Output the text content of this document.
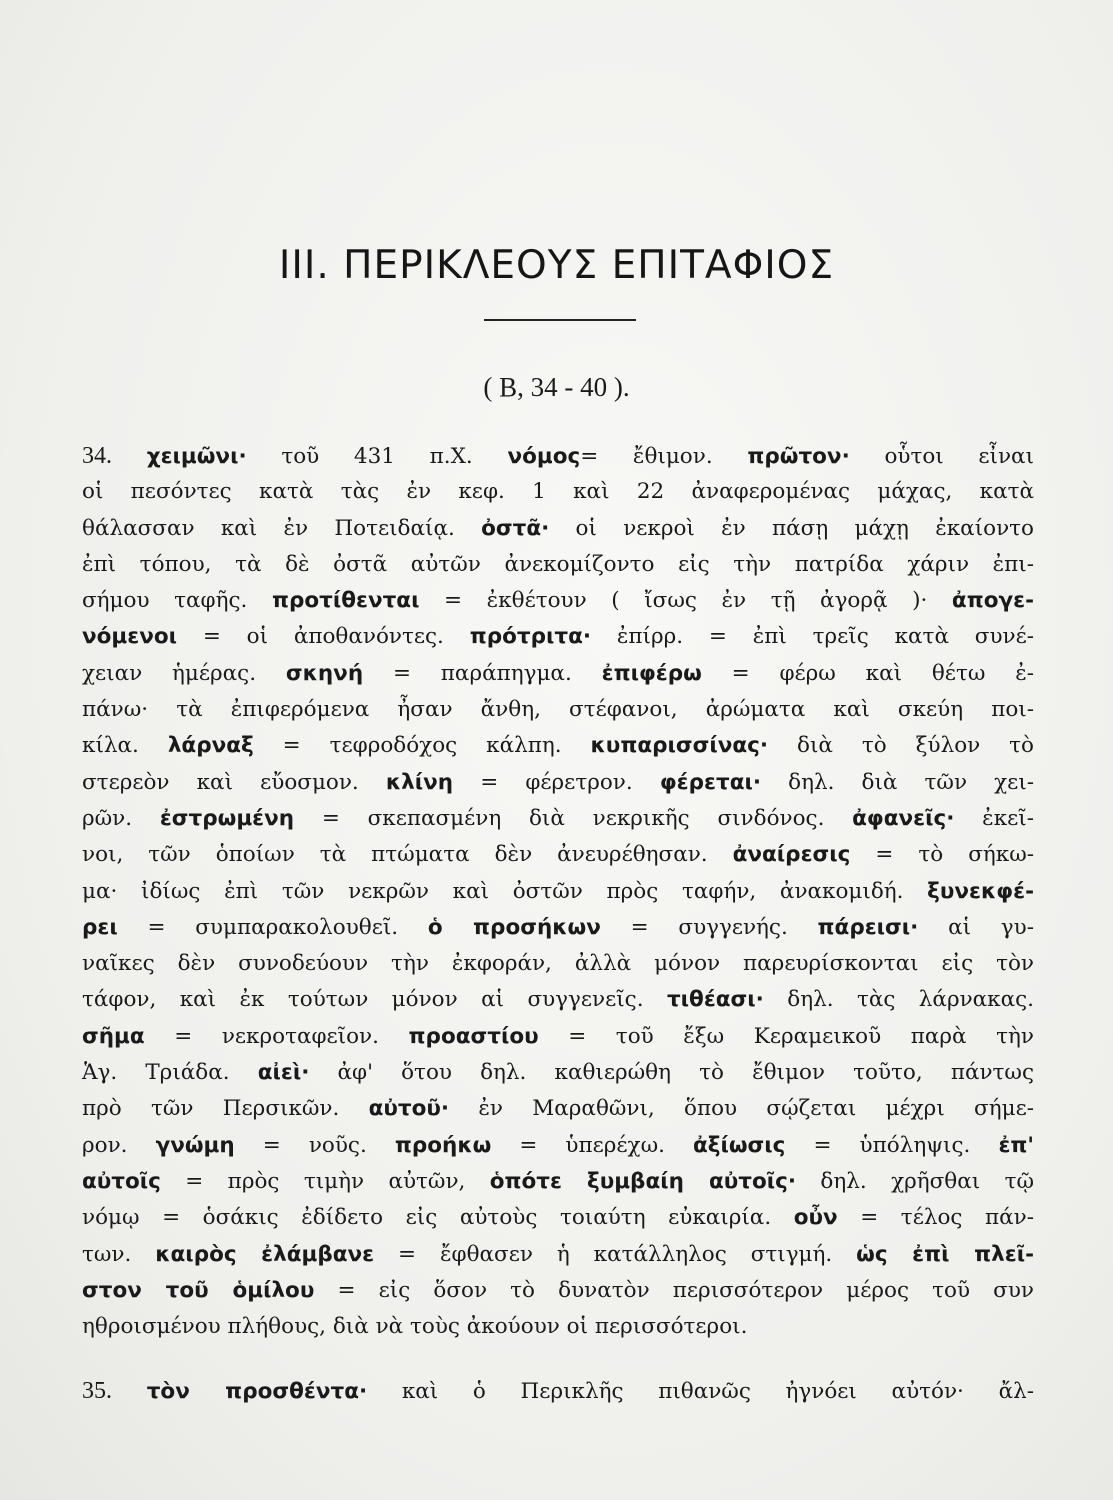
III. ΠΕΡΙΚΛΕΟΥΣ ΕΠΙΤΑΦΙΟΣ
( Β, 34 - 40 ).
34. χειμῶνι· τοῦ 431 π.Χ. νόμος= ἔθιμον. πρῶτον· οὗτοι εἶναι
οἱ πεσόντες κατὰ τὰς ἐν κεφ. 1 καὶ 22 ἀναφερομένας μάχας, κατὰ
θάλασσαν καὶ ἐν Ποτειδαίᾳ. ὀστᾶ· οἱ νεκροὶ ἐν πάσῃ μάχῃ ἐκαίοντο
ἐπὶ τόπου, τὰ δὲ ὀστᾶ αὐτῶν ἀνεκομίζοντο εἰς τὴν πατρίδα χάριν ἐπι-
σήμου ταφῆς. προτίθενται = ἐκθέτουν ( ἴσως ἐν τῇ ἀγορᾷ )· ἀπογε-
νόμενοι = οἱ ἀποθανόντες. πρότριτα· ἐπίρρ. = ἐπὶ τρεῖς κατὰ συνέ-
χειαν ἡμέρας. σκηνή = παράπηγμα. ἐπιφέρω = φέρω καὶ θέτω ἐ-
πάνω· τὰ ἐπιφερόμενα ἦσαν ἄνθη, στέφανοι, ἀρώματα καὶ σκεύη ποι-
κίλα. λάρναξ = τεφροδόχος κάλπη. κυπαρισσίνας· διὰ τὸ ξύλον τὸ
στερεὸν καὶ εὔοσμον. κλίνη = φέρετρον. φέρεται· δηλ. διὰ τῶν χει-
ρῶν. ἐστρωμένη = σκεπασμένη διὰ νεκρικῆς σινδόνος. ἀφανεῖς· ἐκεῖ-
νοι, τῶν ὁποίων τὰ πτώματα δὲν ἀνευρέθησαν. ἀναίρεσις = τὸ σήκω-
μα· ἰδίως ἐπὶ τῶν νεκρῶν καὶ ὀστῶν πρὸς ταφήν, ἀνακομιδή. ξυνεκφέ-
ρει = συμπαρακολουθεῖ. ὁ προσήκων = συγγενής. πάρεισι· αἱ γυ-
ναῖκες δὲν συνοδεύουν τὴν ἐκφοράν, ἀλλὰ μόνον παρευρίσκονται εἰς τὸν
τάφον, καὶ ἐκ τούτων μόνον αἱ συγγενεῖς. τιθέασι· δηλ. τὰς λάρνακας.
σῆμα = νεκροταφεῖον. προαστίου = τοῦ ἔξω Κεραμεικοῦ παρὰ τὴν
Ἁγ. Τριάδα. αἰεὶ· ἀφ' ὅτου δηλ. καθιερώθη τὸ ἔθιμον τοῦτο, πάντως
πρὸ τῶν Περσικῶν. αὐτοῦ· ἐν Μαραθῶνι, ὅπου σῴζεται μέχρι σήμε-
ρον. γνώμη = νοῦς. προήκω = ὑπερέχω. ἀξίωσις = ὑπόληψις. ἐπ'
αὐτοῖς = πρὸς τιμὴν αὐτῶν, ὁπότε ξυμβαίη αὐτοῖς· δηλ. χρῆσθαι τῷ
νόμῳ = ὁσάκις ἐδίδετο εἰς αὐτοὺς τοιαύτη εὐκαιρία. οὖν = τέλος πάν-
των. καιρὸς ἐλάμβανε = ἔφθασεν ἡ κατάλληλος στιγμή. ὡς ἐπὶ πλεῖ-
στον τοῦ ὁμίλου = εἰς ὅσον τὸ δυνατὸν περισσότερον μέρος τοῦ συν
ηθροισμένου πλήθους, διὰ νὰ τοὺς ἀκούουν οἱ περισσότεροι.
35. τὸν προσθέντα· καὶ ὁ Περικλῆς πιθανῶς ἠγνόει αὐτόν· ἄλ-
